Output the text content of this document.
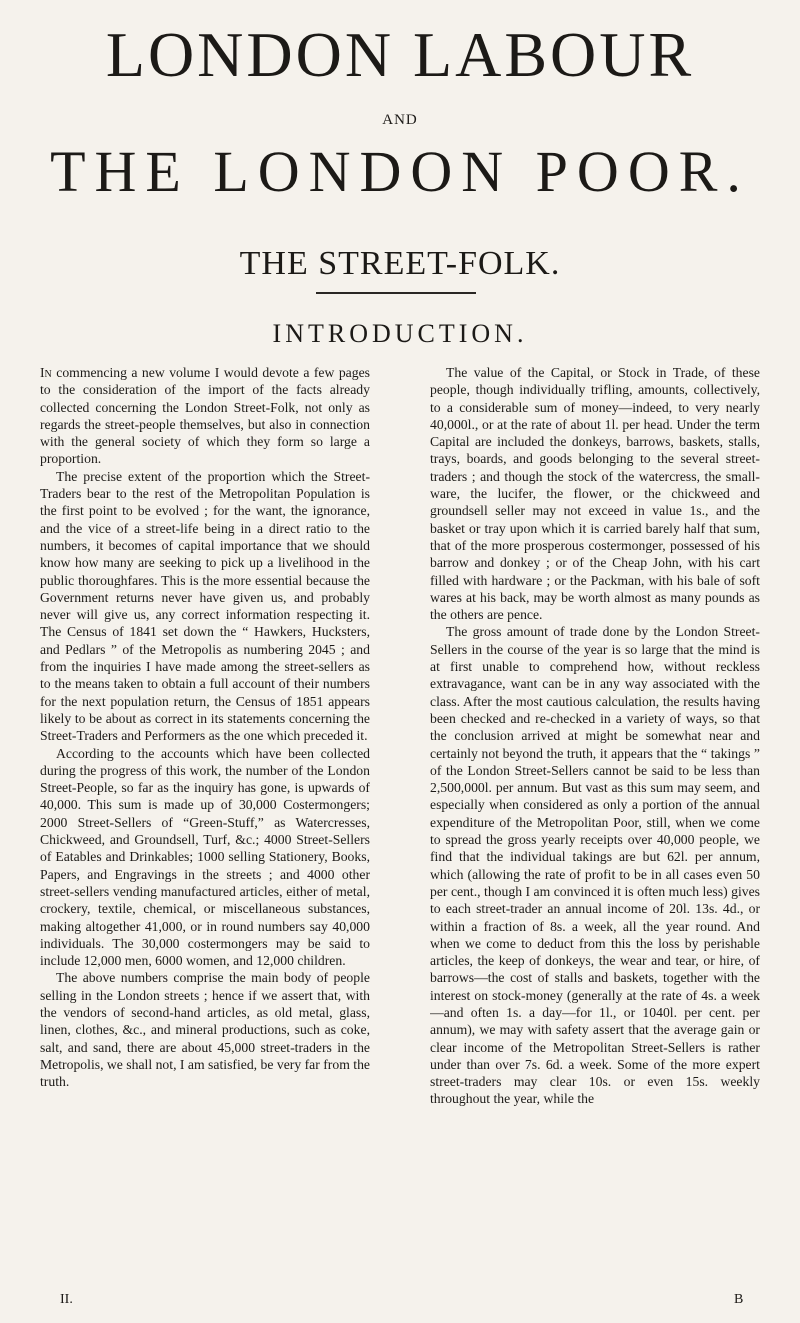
LONDON LABOUR
AND
THE LONDON POOR.
THE STREET-FOLK.
INTRODUCTION.

In commencing a new volume I would devote a few pages to the consideration of the import of the facts already collected concerning the London Street-Folk, not only as regards the street-people themselves, but also in connection with the general society of which they form so large a proportion.

The precise extent of the proportion which the Street-Traders bear to the rest of the Metropolitan Population is the first point to be evolved ; for the want, the ignorance, and the vice of a street-life being in a direct ratio to the numbers, it becomes of capital importance that we should know how many are seeking to pick up a livelihood in the public thoroughfares. This is the more essential because the Government returns never have given us, and probably never will give us, any correct information respecting it. The Census of 1841 set down the “ Hawkers, Hucksters, and Pedlars ” of the Metropolis as numbering 2045 ; and from the inquiries I have made among the street-sellers as to the means taken to obtain a full account of their numbers for the next population return, the Census of 1851 appears likely to be about as correct in its statements concerning the Street-Traders and Performers as the one which preceded it.

According to the accounts which have been collected during the progress of this work, the number of the London Street-People, so far as the inquiry has gone, is upwards of 40,000. This sum is made up of 30,000 Costermongers; 2000 Street-Sellers of “Green-Stuff,” as Watercresses, Chickweed, and Groundsell, Turf, &c.; 4000 Street-Sellers of Eatables and Drinkables; 1000 selling Stationery, Books, Papers, and Engravings in the streets ; and 4000 other street-sellers vending manufactured articles, either of metal, crockery, textile, chemical, or miscellaneous substances, making altogether 41,000, or in round numbers say 40,000 individuals. The 30,000 costermongers may be said to include 12,000 men, 6000 women, and 12,000 children.

The above numbers comprise the main body of people selling in the London streets ; hence if we assert that, with the vendors of second-hand articles, as old metal, glass, linen, clothes, &c., and mineral productions, such as coke, salt, and sand, there are about 45,000 street-traders in the Metropolis, we shall not, I am satisfied, be very far from the truth.

The value of the Capital, or Stock in Trade, of these people, though individually trifling, amounts, collectively, to a considerable sum of money—indeed, to very nearly 40,000l., or at the rate of about 1l. per head. Under the term Capital are included the donkeys, barrows, baskets, stalls, trays, boards, and goods belonging to the several street-traders ; and though the stock of the watercress, the small-ware, the lucifer, the flower, or the chickweed and groundsell seller may not exceed in value 1s., and the basket or tray upon which it is carried barely half that sum, that of the more prosperous costermonger, possessed of his barrow and donkey ; or of the Cheap John, with his cart filled with hardware ; or the Packman, with his bale of soft wares at his back, may be worth almost as many pounds as the others are pence.

The gross amount of trade done by the London Street-Sellers in the course of the year is so large that the mind is at first unable to comprehend how, without reckless extravagance, want can be in any way associated with the class. After the most cautious calculation, the results having been checked and re-checked in a variety of ways, so that the conclusion arrived at might be somewhat near and certainly not beyond the truth, it appears that the “ takings ” of the London Street-Sellers cannot be said to be less than 2,500,000l. per annum. But vast as this sum may seem, and especially when considered as only a portion of the annual expenditure of the Metropolitan Poor, still, when we come to spread the gross yearly receipts over 40,000 people, we find that the individual takings are but 62l. per annum, which (allowing the rate of profit to be in all cases even 50 per cent., though I am convinced it is often much less) gives to each street-trader an annual income of 20l. 13s. 4d., or within a fraction of 8s. a week, all the year round. And when we come to deduct from this the loss by perishable articles, the keep of donkeys, the wear and tear, or hire, of barrows—the cost of stalls and baskets, together with the interest on stock-money (generally at the rate of 4s. a week—and often 1s. a day—for 1l., or 1040l. per cent. per annum), we may with safety assert that the average gain or clear income of the Metropolitan Street-Sellers is rather under than over 7s. 6d. a week. Some of the more expert street-traders may clear 10s. or even 15s. weekly throughout the year, while the

II.	B
